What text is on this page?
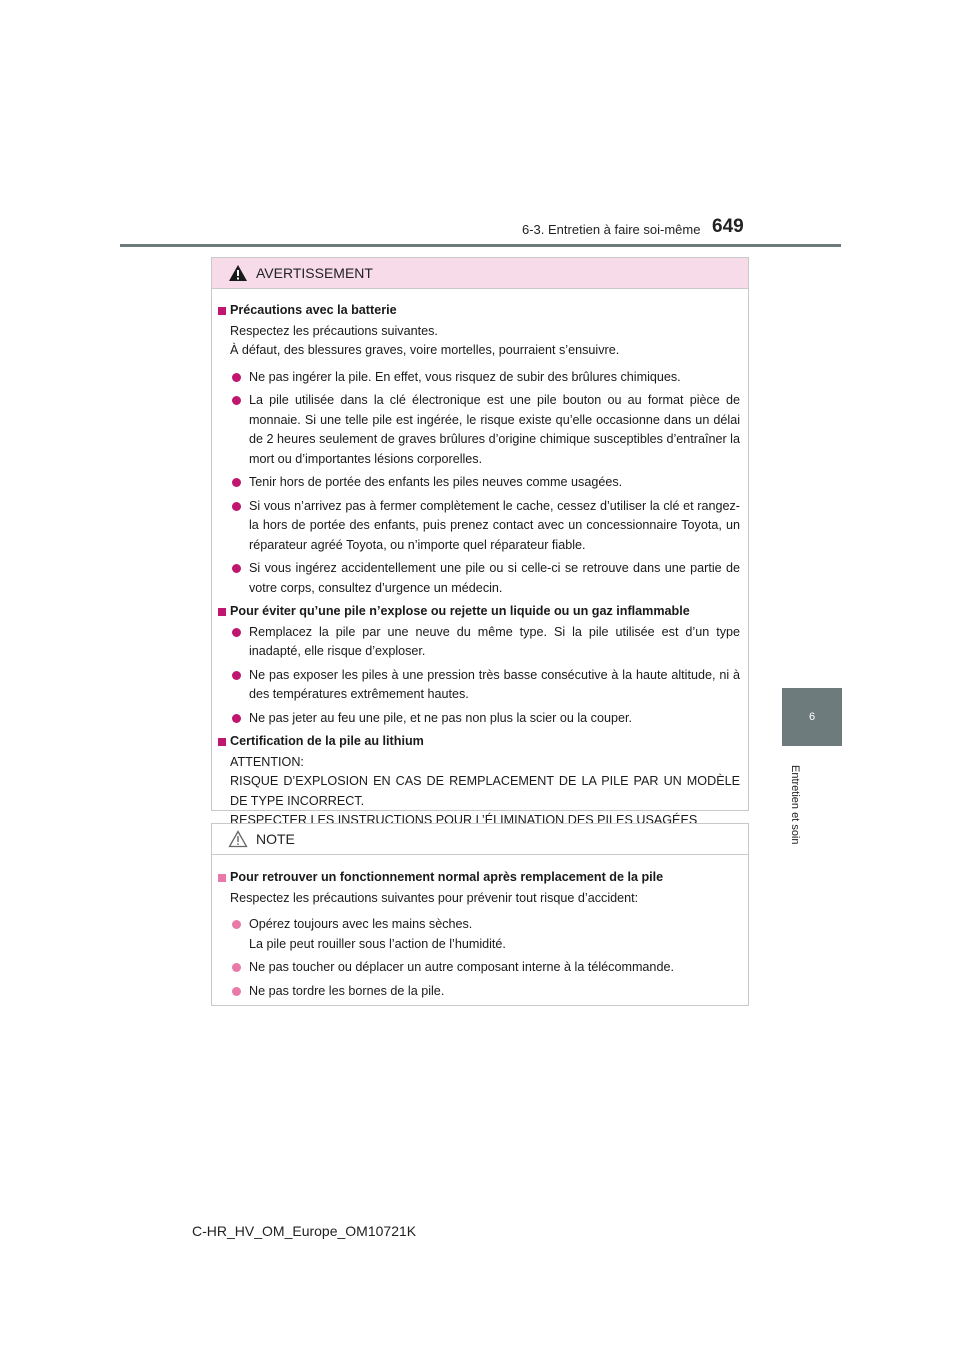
6-3. Entretien à faire soi-même 649
6
Entretien et soin
AVERTISSEMENT

Précautions avec la batterie

Respectez les précautions suivantes.
À défaut, des blessures graves, voire mortelles, pourraient s’ensuivre.

Ne pas ingérer la pile. En effet, vous risquez de subir des brûlures chimiques.

La pile utilisée dans la clé électronique est une pile bouton ou au format pièce de monnaie. Si une telle pile est ingérée, le risque existe qu’elle occasionne dans un délai de 2 heures seulement de graves brûlures d’origine chimique susceptibles d’entraîner la mort ou d’importantes lésions corporelles.

Tenir hors de portée des enfants les piles neuves comme usagées.

Si vous n’arrivez pas à fermer complètement le cache, cessez d’utiliser la clé et rangez-la hors de portée des enfants, puis prenez contact avec un concessionnaire Toyota, un réparateur agréé Toyota, ou n’importe quel réparateur fiable.

Si vous ingérez accidentellement une pile ou si celle-ci se retrouve dans une partie de votre corps, consultez d’urgence un médecin.

Pour éviter qu’une pile n’explose ou rejette un liquide ou un gaz inflammable

Remplacez la pile par une neuve du même type. Si la pile utilisée est d’un type inadapté, elle risque d’exploser.

Ne pas exposer les piles à une pression très basse consécutive à la haute altitude, ni à des températures extrêmement hautes.

Ne pas jeter au feu une pile, et ne pas non plus la scier ou la couper.

Certification de la pile au lithium

ATTENTION:
RISQUE D’EXPLOSION EN CAS DE REMPLACEMENT DE LA PILE PAR UN MODÈLE DE TYPE INCORRECT.
RESPECTER LES INSTRUCTIONS POUR L’ÉLIMINATION DES PILES USAGÉES

NOTE

Pour retrouver un fonctionnement normal après remplacement de la pile

Respectez les précautions suivantes pour prévenir tout risque d’accident:

Opérez toujours avec les mains sèches.
La pile peut rouiller sous l’action de l’humidité.

Ne pas toucher ou déplacer un autre composant interne à la télécommande.

Ne pas tordre les bornes de la pile.

C-HR_HV_OM_Europe_OM10721K
